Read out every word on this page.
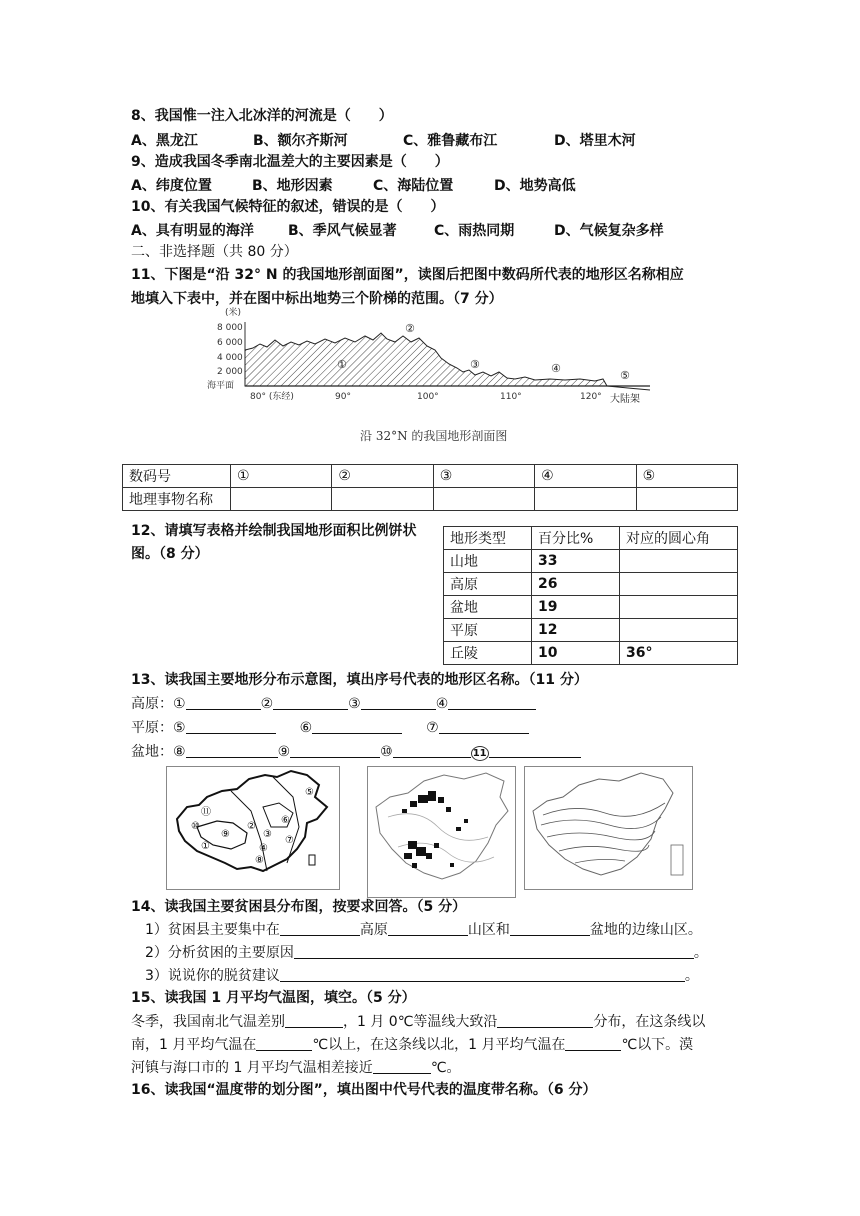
8、我国惟一注入北冰洋的河流是（　　）
A、黑龙江	B、额尔齐斯河	C、雅鲁藏布江	D、塔里木河
9、造成我国冬季南北温差大的主要因素是（　　）
A、纬度位置	B、地形因素	C、海陆位置	D、地势高低
10、有关我国气候特征的叙述，错误的是（　　）
A、具有明显的海洋 B、季风气候显著	C、雨热同期	D、气候复杂多样
二、非选择题（共 80 分）
11、下图是“沿 32° N 的我国地形剖面图”，读图后把图中数码所代表的地形区名称相应
地填入下表中，并在图中标出地势三个阶梯的范围。（7 分）
(米)
8 000
6 000
4 000
2 000
海平面
①
②
③	④
⑤
80° (东经)	90°	100°	110°	120° 大陆架
沿 32°N 的我国地形剖面图
数码号	①	②	③	④	⑤
地理事物名称					
12、请填写表格并绘制我国地形面积比例饼状
图。（8 分）
地形类型	百分比%	对应的圆心角
山地	33	
高原	26	
盆地	19	
平原	12	
丘陵	10	36°
13、读我国主要地形分布示意图，填出序号代表的地形区名称。（11 分）
高原：①	②	③	④
平原：⑤	⑥	⑦
盆地：⑧	⑨	⑩	11
⑪
⑩
⑨
①
②
③
④
⑤
⑥
⑦
⑧
14、读我国主要贫困县分布图，按要求回答。（5 分）
1）贫困县主要集中在	高原	山区和	盆地的边缘山区。
2）分析贫困的主要原因	。
3）说说你的脱贫建议	。
15、读我国 1 月平均气温图，填空。（5 分）
冬季，我国南北气温差别	，1 月 0℃等温线大致沿	分布，在这条线以
南，1 月平均气温在	℃以上，在这条线以北，1 月平均气温在	℃以下。漠
河镇与海口市的 1 月平均气温相差接近	℃。
16、读我国“温度带的划分图”，填出图中代号代表的温度带名称。（6 分）
